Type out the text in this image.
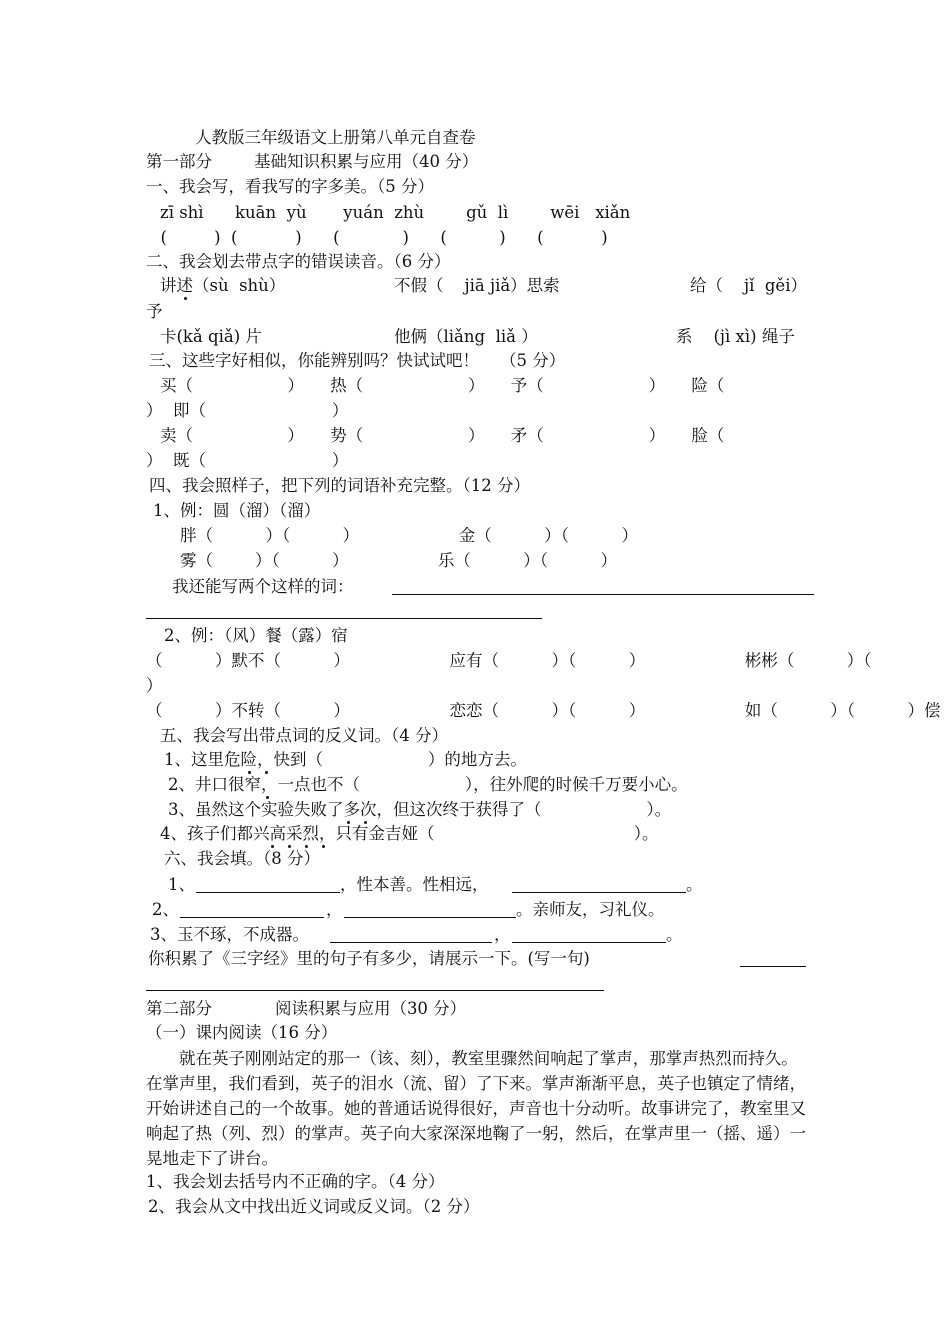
人教版三年级语文上册第八单元自查卷
第一部分        基础知识积累与应用（40 分）
一、我会写，看我写的字多美。（5 分）
zī shì      kuān  yù       yuán  zhù        gǔ  lì        wēi   xiǎn
(         )  (           )      (            )      (          )      (           )
二、我会划去带点字的错误读音。（6 分）
讲述（sù  shù）	不假（    jiā jiǎ）思索	给（    jǐ  gěi）
予
卡(kǎ qiǎ) 片	他俩（liǎng  liǎ ）	系    (jì xì) 绳子
三、这些字好相似，你能辨别吗？快试试吧！    （5 分）
买（                  ）     热（                    ）     予（                    ）     险（
）  即（                        ）
卖（                  ）     势（                    ）     矛（                    ）     脸（
）  既（                        ）
四、我会照样子，把下列的词语补充完整。（12 分）
1、例：圆（溜）（溜）
胖（          ）（          ）                   金（          ）（          ）
雾（        ）（          ）                 乐（          ）（          ）
我还能写两个这样的词：
2、例：（风）餐（露）宿
（          ）默不（          ）                   应有（          ）（          ）                   彬彬（          ）（
）
（          ）不转（          ）                   恋恋（          ）（          ）                   如（          ）（          ）偿
五、我会写出带点词的反义词。（4 分）
1、这里危险，快到（                    ）的地方去。
2、井口很窄，一点也不（                    ），往外爬的时候千万要小心。
3、虽然这个实验失败了多次，但这次终于获得了（                    ）。
4、孩子们都兴高采烈，只有金吉娅（                                      ）。
六、我会填。（8 分）
1、	，性本善。性相远，	。
2、	，	。亲师友，习礼仪。
3、玉不琢，不成器。	，	。
你积累了《三字经》里的句子有多少，请展示一下。(写一句)
第二部分            阅读积累与应用（30 分）
（一）课内阅读（16 分）
就在英子刚刚站定的那一（该、刻），教室里骤然间响起了掌声，那掌声热烈而持久。在掌声里，我们看到，英子的泪水（流、留）了下来。掌声渐渐平息，英子也镇定了情绪，开始讲述自己的一个故事。她的普通话说得很好，声音也十分动听。故事讲完了，教室里又响起了热（列、烈）的掌声。英子向大家深深地鞠了一躬，然后，在掌声里一（摇、遥）一晃地走下了讲台。
1、我会划去括号内不正确的字。（4 分）
2、我会从文中找出近义词或反义词。（2 分）
